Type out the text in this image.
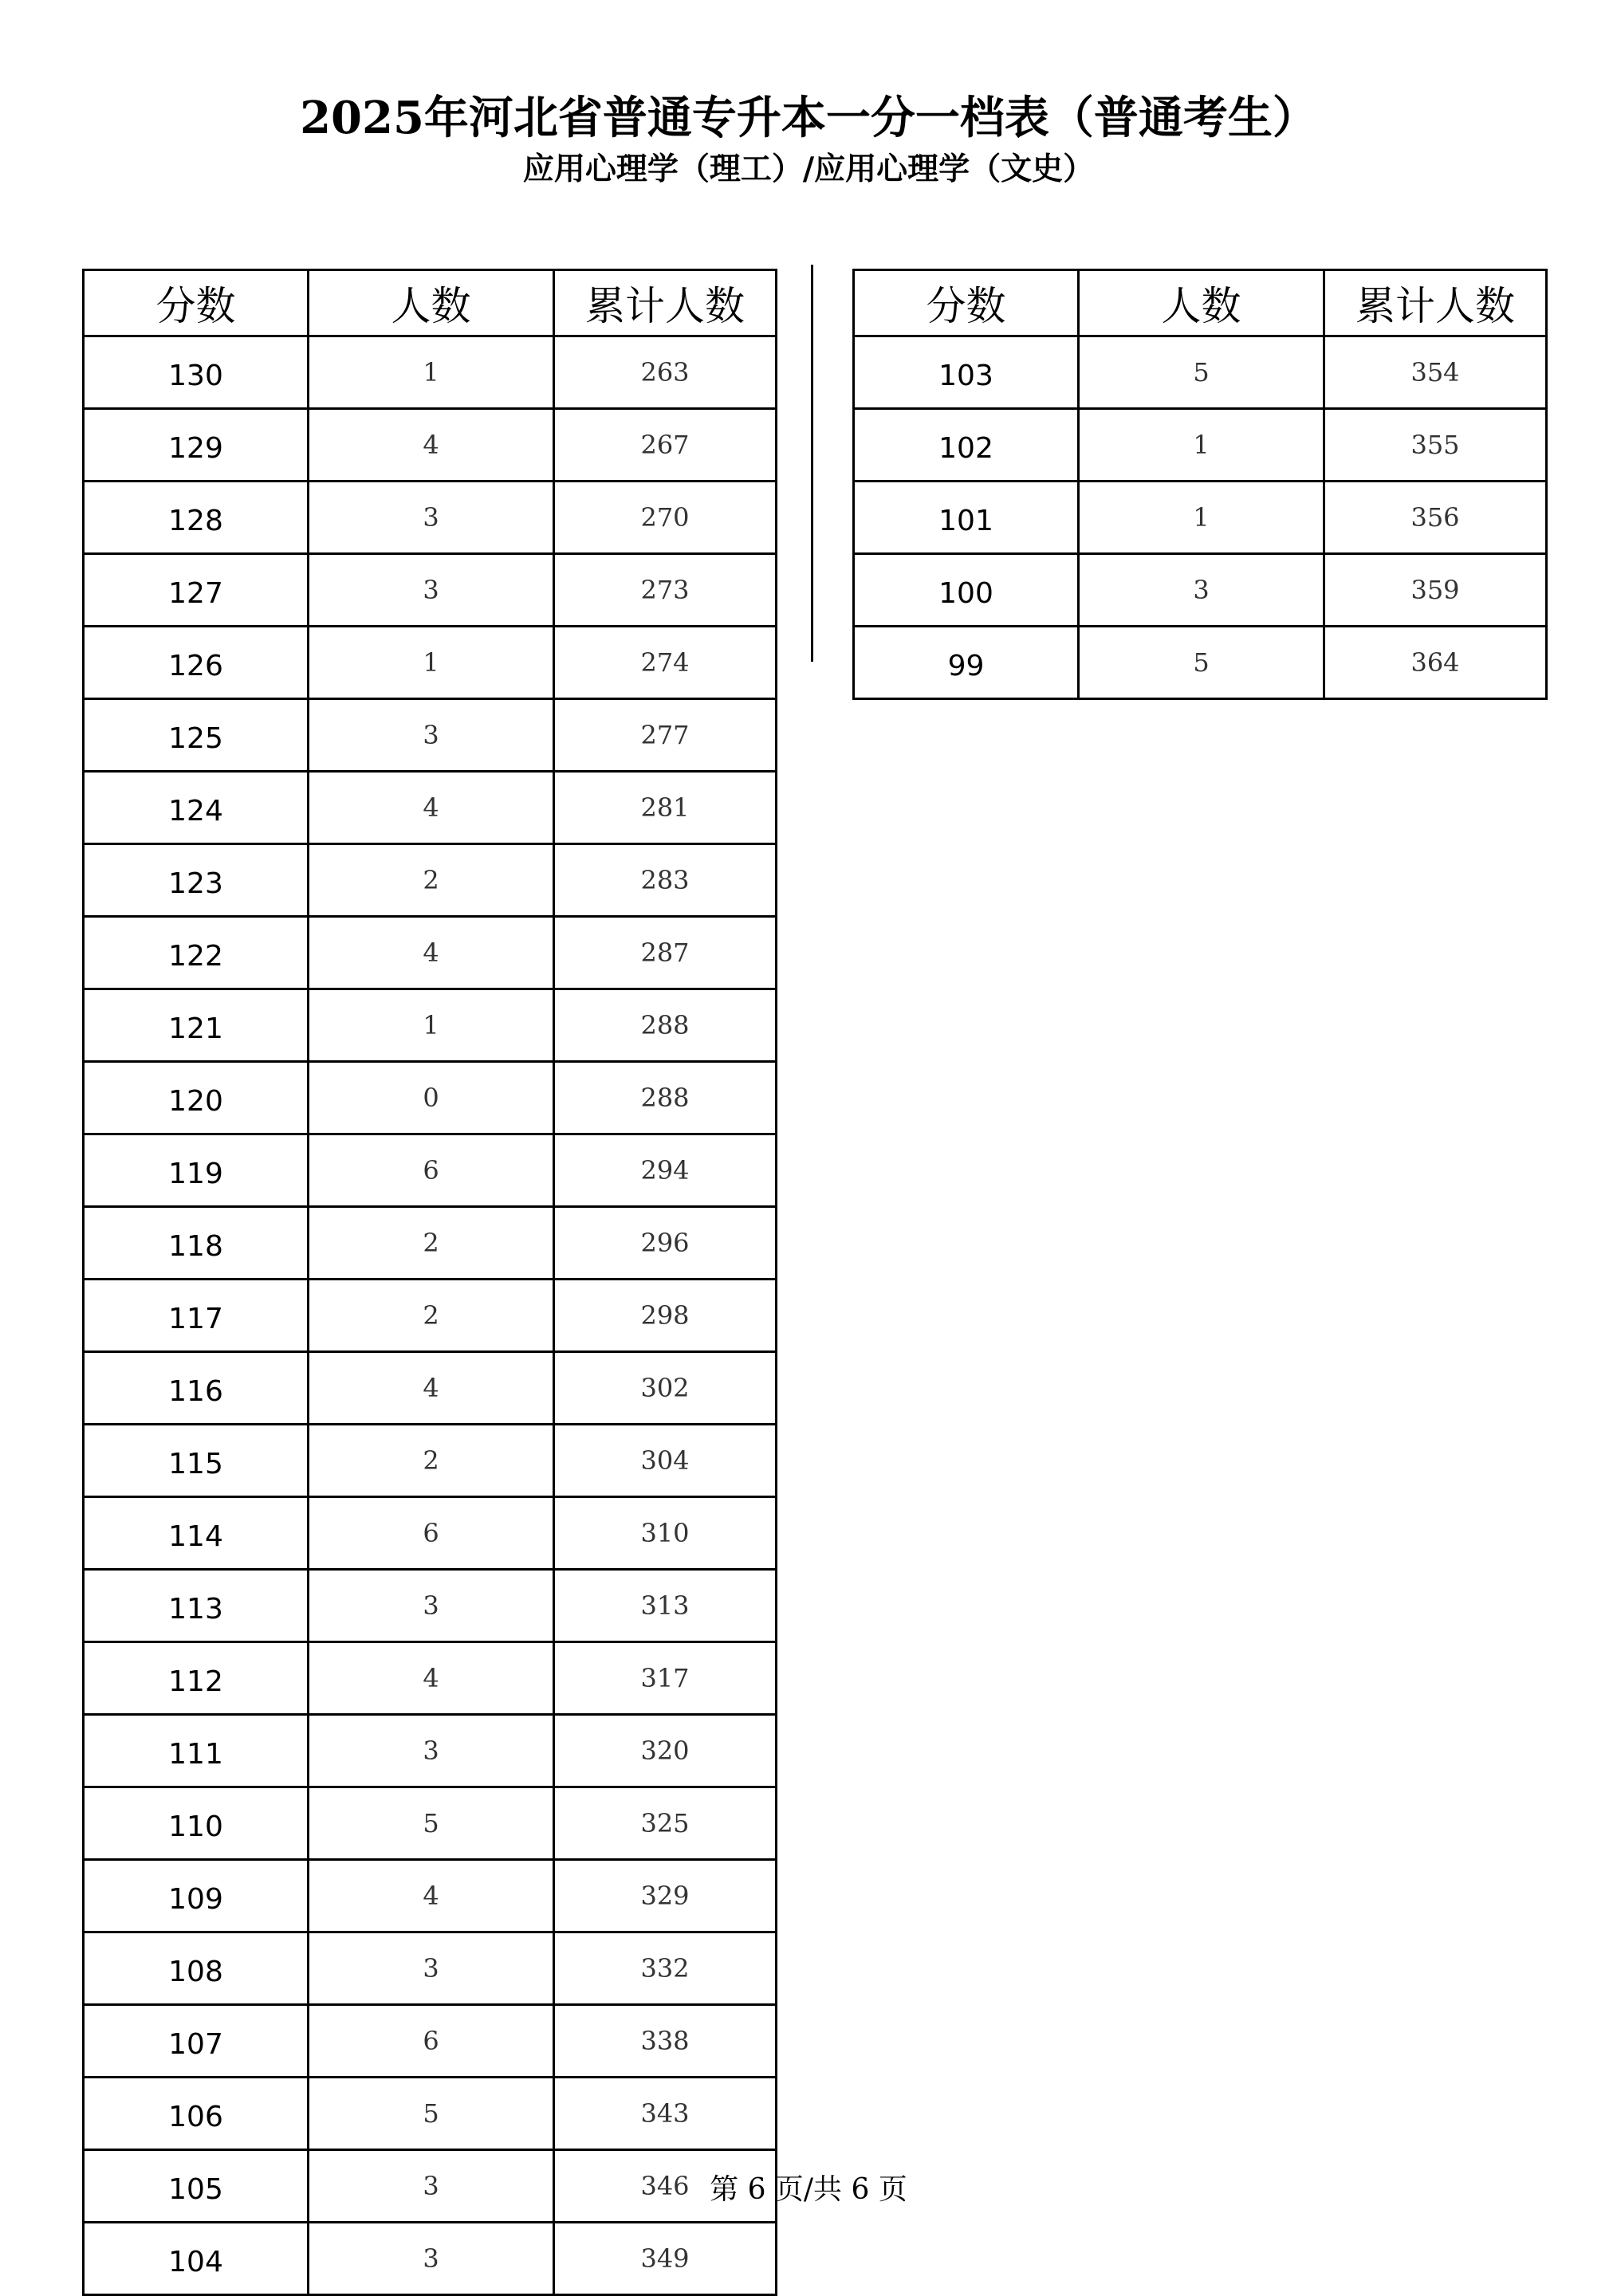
2025年河北省普通专升本一分一档表（普通考生）
应用心理学（理工）/应用心理学（文史）
分数	人数	累计人数
130	1	263
129	4	267
128	3	270
127	3	273
126	1	274
125	3	277
124	4	281
123	2	283
122	4	287
121	1	288
120	0	288
119	6	294
118	2	296
117	2	298
116	4	302
115	2	304
114	6	310
113	3	313
112	4	317
111	3	320
110	5	325
109	4	329
108	3	332
107	6	338
106	5	343
105	3	346
104	3	349
分数	人数	累计人数
103	5	354
102	1	355
101	1	356
100	3	359
99	5	364
第 6 页/共 6 页
